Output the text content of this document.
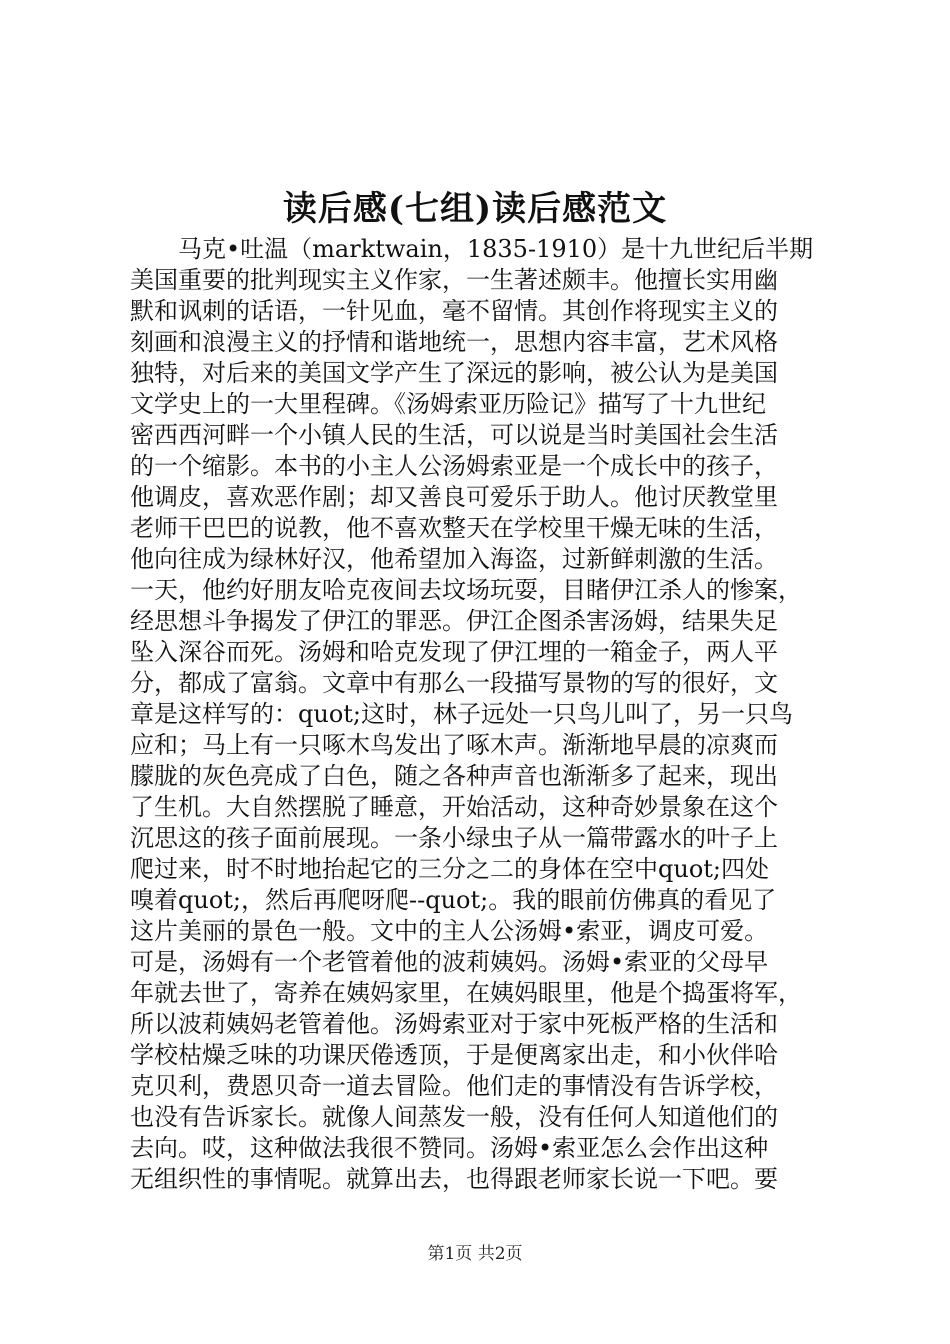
读后感(七组)读后感范文
马克•吐温（marktwain，1835-1910）是十九世纪后半期
美国重要的批判现实主义作家，一生著述颇丰。他擅长实用幽
默和讽刺的话语，一针见血，毫不留情。其创作将现实主义的
刻画和浪漫主义的抒情和谐地统一，思想内容丰富，艺术风格
独特，对后来的美国文学产生了深远的影响，被公认为是美国
文学史上的一大里程碑。《汤姆索亚历险记》描写了十九世纪
密西西河畔一个小镇人民的生活，可以说是当时美国社会生活
的一个缩影。本书的小主人公汤姆索亚是一个成长中的孩子，
他调皮，喜欢恶作剧；却又善良可爱乐于助人。他讨厌教堂里
老师干巴巴的说教，他不喜欢整天在学校里干燥无味的生活，
他向往成为绿林好汉，他希望加入海盗，过新鲜刺激的生活。
一天，他约好朋友哈克夜间去坟场玩耍，目睹伊江杀人的惨案，
经思想斗争揭发了伊江的罪恶。伊江企图杀害汤姆，结果失足
坠入深谷而死。汤姆和哈克发现了伊江埋的一箱金子，两人平
分，都成了富翁。文章中有那么一段描写景物的写的很好，文
章是这样写的：quot;这时，林子远处一只鸟儿叫了，另一只鸟
应和；马上有一只啄木鸟发出了啄木声。渐渐地早晨的凉爽而
朦胧的灰色亮成了白色，随之各种声音也渐渐多了起来，现出
了生机。大自然摆脱了睡意，开始活动，这种奇妙景象在这个
沉思这的孩子面前展现。一条小绿虫子从一篇带露水的叶子上
爬过来，时不时地抬起它的三分之二的身体在空中quot;四处
嗅着quot;，然后再爬呀爬--quot;。我的眼前仿佛真的看见了
这片美丽的景色一般。文中的主人公汤姆•索亚，调皮可爱。
可是，汤姆有一个老管着他的波莉姨妈。汤姆•索亚的父母早
年就去世了，寄养在姨妈家里，在姨妈眼里，他是个捣蛋将军，
所以波莉姨妈老管着他。汤姆索亚对于家中死板严格的生活和
学校枯燥乏味的功课厌倦透顶，于是便离家出走，和小伙伴哈
克贝利，费恩贝奇一道去冒险。他们走的事情没有告诉学校，
也没有告诉家长。就像人间蒸发一般，没有任何人知道他们的
去向。哎，这种做法我很不赞同。汤姆•索亚怎么会作出这种
无组织性的事情呢。就算出去，也得跟老师家长说一下吧。要
第1页 共2页
